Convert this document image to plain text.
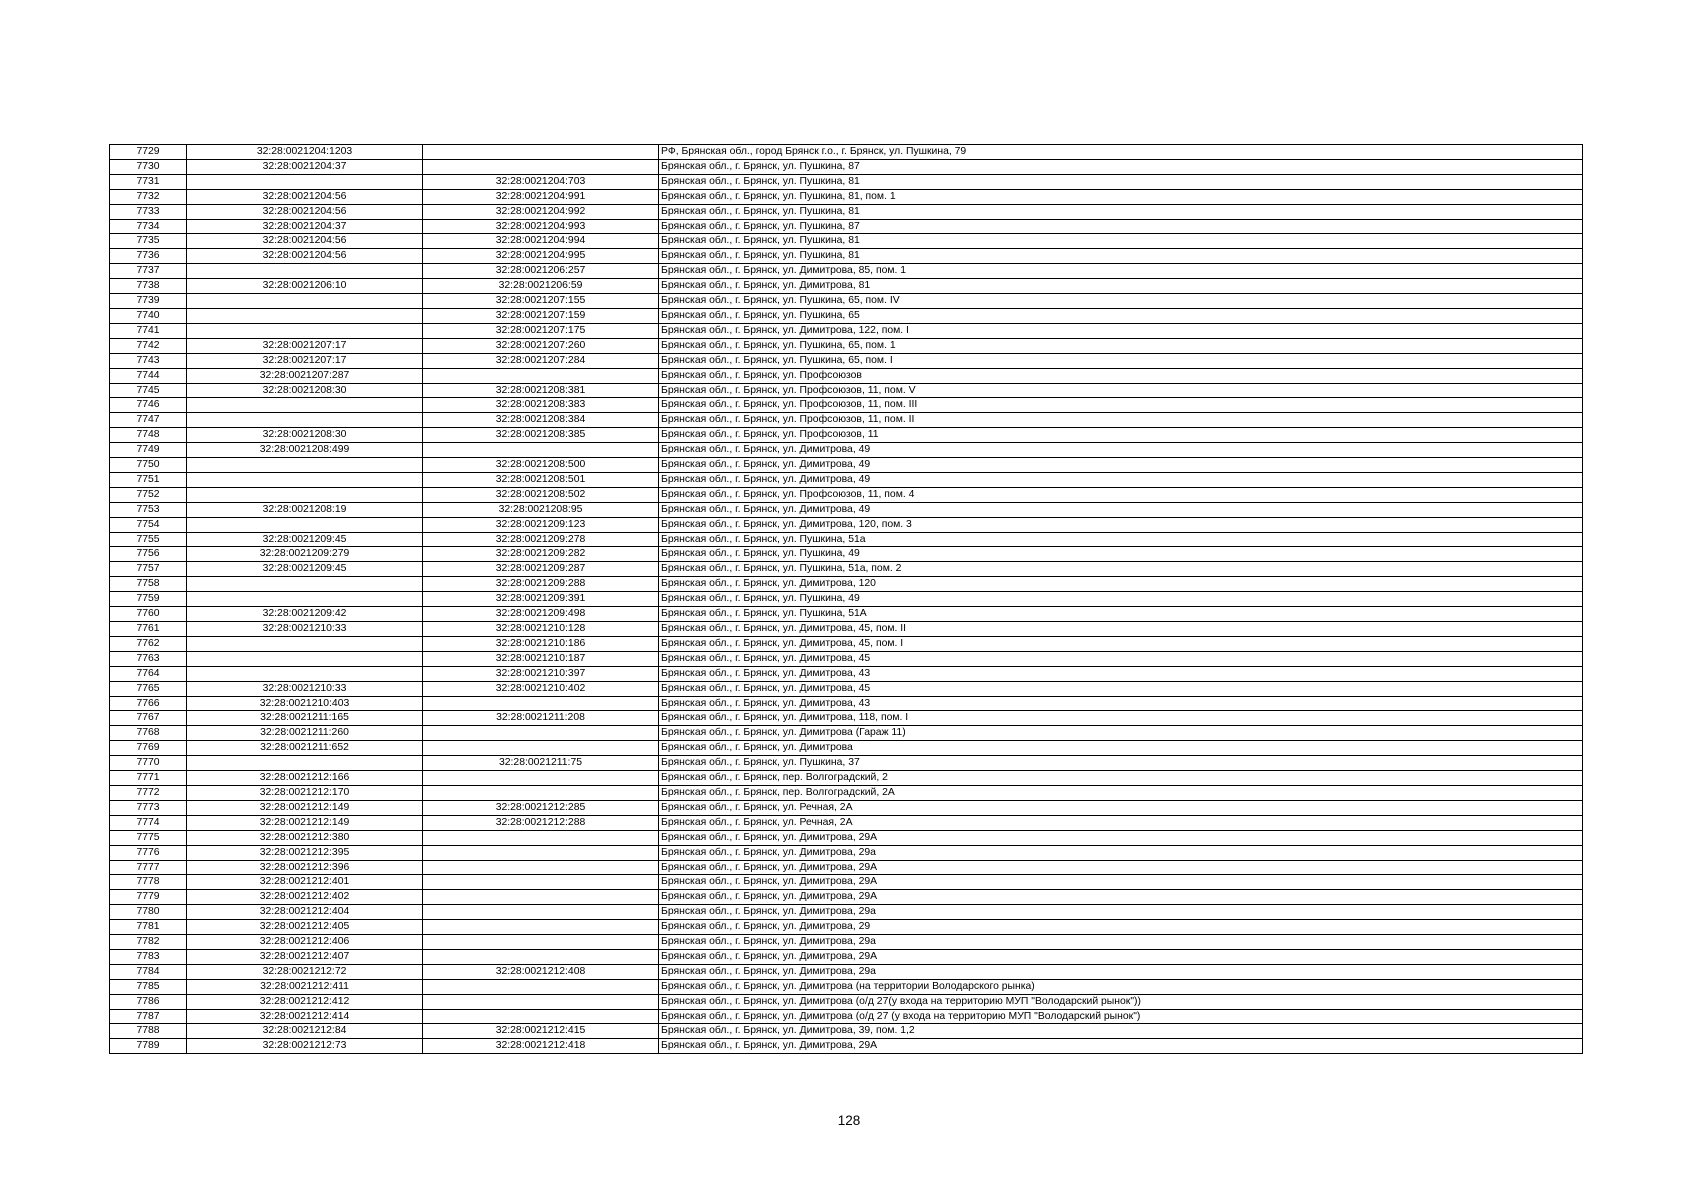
7729	32:28:0021204:1203		РФ, Брянская обл., город Брянск г.о., г. Брянск, ул. Пушкина, 79
7730	32:28:0021204:37		Брянская обл., г. Брянск, ул. Пушкина, 87
7731		32:28:0021204:703	Брянская обл., г. Брянск, ул. Пушкина, 81
7732	32:28:0021204:56	32:28:0021204:991	Брянская обл., г. Брянск, ул. Пушкина, 81, пом. 1
7733	32:28:0021204:56	32:28:0021204:992	Брянская обл., г. Брянск, ул. Пушкина, 81
7734	32:28:0021204:37	32:28:0021204:993	Брянская обл., г. Брянск, ул. Пушкина, 87
7735	32:28:0021204:56	32:28:0021204:994	Брянская обл., г. Брянск, ул. Пушкина, 81
7736	32:28:0021204:56	32:28:0021204:995	Брянская обл., г. Брянск, ул. Пушкина, 81
7737		32:28:0021206:257	Брянская обл., г. Брянск, ул. Димитрова, 85, пом. 1
7738	32:28:0021206:10	32:28:0021206:59	Брянская обл., г. Брянск, ул. Димитрова, 81
7739		32:28:0021207:155	Брянская обл., г. Брянск, ул. Пушкина, 65, пом. IV
7740		32:28:0021207:159	Брянская обл., г. Брянск, ул. Пушкина, 65
7741		32:28:0021207:175	Брянская обл., г. Брянск, ул. Димитрова, 122, пом. I
7742	32:28:0021207:17	32:28:0021207:260	Брянская обл., г. Брянск, ул. Пушкина, 65, пом. 1
7743	32:28:0021207:17	32:28:0021207:284	Брянская обл., г. Брянск, ул. Пушкина, 65, пом. I
7744	32:28:0021207:287		Брянская обл., г. Брянск, ул. Профсоюзов
7745	32:28:0021208:30	32:28:0021208:381	Брянская обл., г. Брянск, ул. Профсоюзов, 11, пом. V
7746		32:28:0021208:383	Брянская обл., г. Брянск, ул. Профсоюзов, 11, пом. III
7747		32:28:0021208:384	Брянская обл., г. Брянск, ул. Профсоюзов, 11, пом. II
7748	32:28:0021208:30	32:28:0021208:385	Брянская обл., г. Брянск, ул. Профсоюзов, 11
7749	32:28:0021208:499		Брянская обл., г. Брянск, ул. Димитрова, 49
7750		32:28:0021208:500	Брянская обл., г. Брянск, ул. Димитрова, 49
7751		32:28:0021208:501	Брянская обл., г. Брянск, ул. Димитрова, 49
7752		32:28:0021208:502	Брянская обл., г. Брянск, ул. Профсоюзов, 11, пом. 4
7753	32:28:0021208:19	32:28:0021208:95	Брянская обл., г. Брянск, ул. Димитрова, 49
7754		32:28:0021209:123	Брянская обл., г. Брянск, ул. Димитрова, 120, пом. 3
7755	32:28:0021209:45	32:28:0021209:278	Брянская обл., г. Брянск, ул. Пушкина, 51а
7756	32:28:0021209:279	32:28:0021209:282	Брянская обл., г. Брянск, ул. Пушкина, 49
7757	32:28:0021209:45	32:28:0021209:287	Брянская обл., г. Брянск, ул. Пушкина, 51а, пом. 2
7758		32:28:0021209:288	Брянская обл., г. Брянск, ул. Димитрова, 120
7759		32:28:0021209:391	Брянская обл., г. Брянск, ул. Пушкина, 49
7760	32:28:0021209:42	32:28:0021209:498	Брянская обл., г. Брянск, ул. Пушкина, 51А
7761	32:28:0021210:33	32:28:0021210:128	Брянская обл., г. Брянск, ул. Димитрова, 45, пом. II
7762		32:28:0021210:186	Брянская обл., г. Брянск, ул. Димитрова, 45, пом. I
7763		32:28:0021210:187	Брянская обл., г. Брянск, ул. Димитрова, 45
7764		32:28:0021210:397	Брянская обл., г. Брянск, ул. Димитрова, 43
7765	32:28:0021210:33	32:28:0021210:402	Брянская обл., г. Брянск, ул. Димитрова, 45
7766	32:28:0021210:403		Брянская обл., г. Брянск, ул. Димитрова, 43
7767	32:28:0021211:165	32:28:0021211:208	Брянская обл., г. Брянск, ул. Димитрова, 118, пом. I
7768	32:28:0021211:260		Брянская обл., г. Брянск, ул. Димитрова (Гараж 11)
7769	32:28:0021211:652		Брянская обл., г. Брянск, ул. Димитрова
7770		32:28:0021211:75	Брянская обл., г. Брянск, ул. Пушкина, 37
7771	32:28:0021212:166		Брянская обл., г. Брянск, пер. Волгоградский, 2
7772	32:28:0021212:170		Брянская обл., г. Брянск, пер. Волгоградский, 2А
7773	32:28:0021212:149	32:28:0021212:285	Брянская обл., г. Брянск, ул. Речная, 2А
7774	32:28:0021212:149	32:28:0021212:288	Брянская обл., г. Брянск, ул. Речная, 2А
7775	32:28:0021212:380		Брянская обл., г. Брянск, ул. Димитрова, 29А
7776	32:28:0021212:395		Брянская обл., г. Брянск, ул. Димитрова, 29а
7777	32:28:0021212:396		Брянская обл., г. Брянск, ул. Димитрова, 29А
7778	32:28:0021212:401		Брянская обл., г. Брянск, ул. Димитрова, 29А
7779	32:28:0021212:402		Брянская обл., г. Брянск, ул. Димитрова, 29А
7780	32:28:0021212:404		Брянская обл., г. Брянск, ул. Димитрова, 29а
7781	32:28:0021212:405		Брянская обл., г. Брянск, ул. Димитрова, 29
7782	32:28:0021212:406		Брянская обл., г. Брянск, ул. Димитрова, 29а
7783	32:28:0021212:407		Брянская обл., г. Брянск, ул. Димитрова, 29А
7784	32:28:0021212:72	32:28:0021212:408	Брянская обл., г. Брянск, ул. Димитрова, 29а
7785	32:28:0021212:411		Брянская обл., г. Брянск, ул. Димитрова (на территории Володарского рынка)
7786	32:28:0021212:412		Брянская обл., г. Брянск, ул. Димитрова (о/д 27(у входа на территорию МУП "Володарский рынок"))
7787	32:28:0021212:414		Брянская обл., г. Брянск, ул. Димитрова (о/д 27 (у входа на территорию МУП "Володарский рынок")
7788	32:28:0021212:84	32:28:0021212:415	Брянская обл., г. Брянск, ул. Димитрова, 39, пом. 1,2
7789	32:28:0021212:73	32:28:0021212:418	Брянская обл., г. Брянск, ул. Димитрова, 29А
128
